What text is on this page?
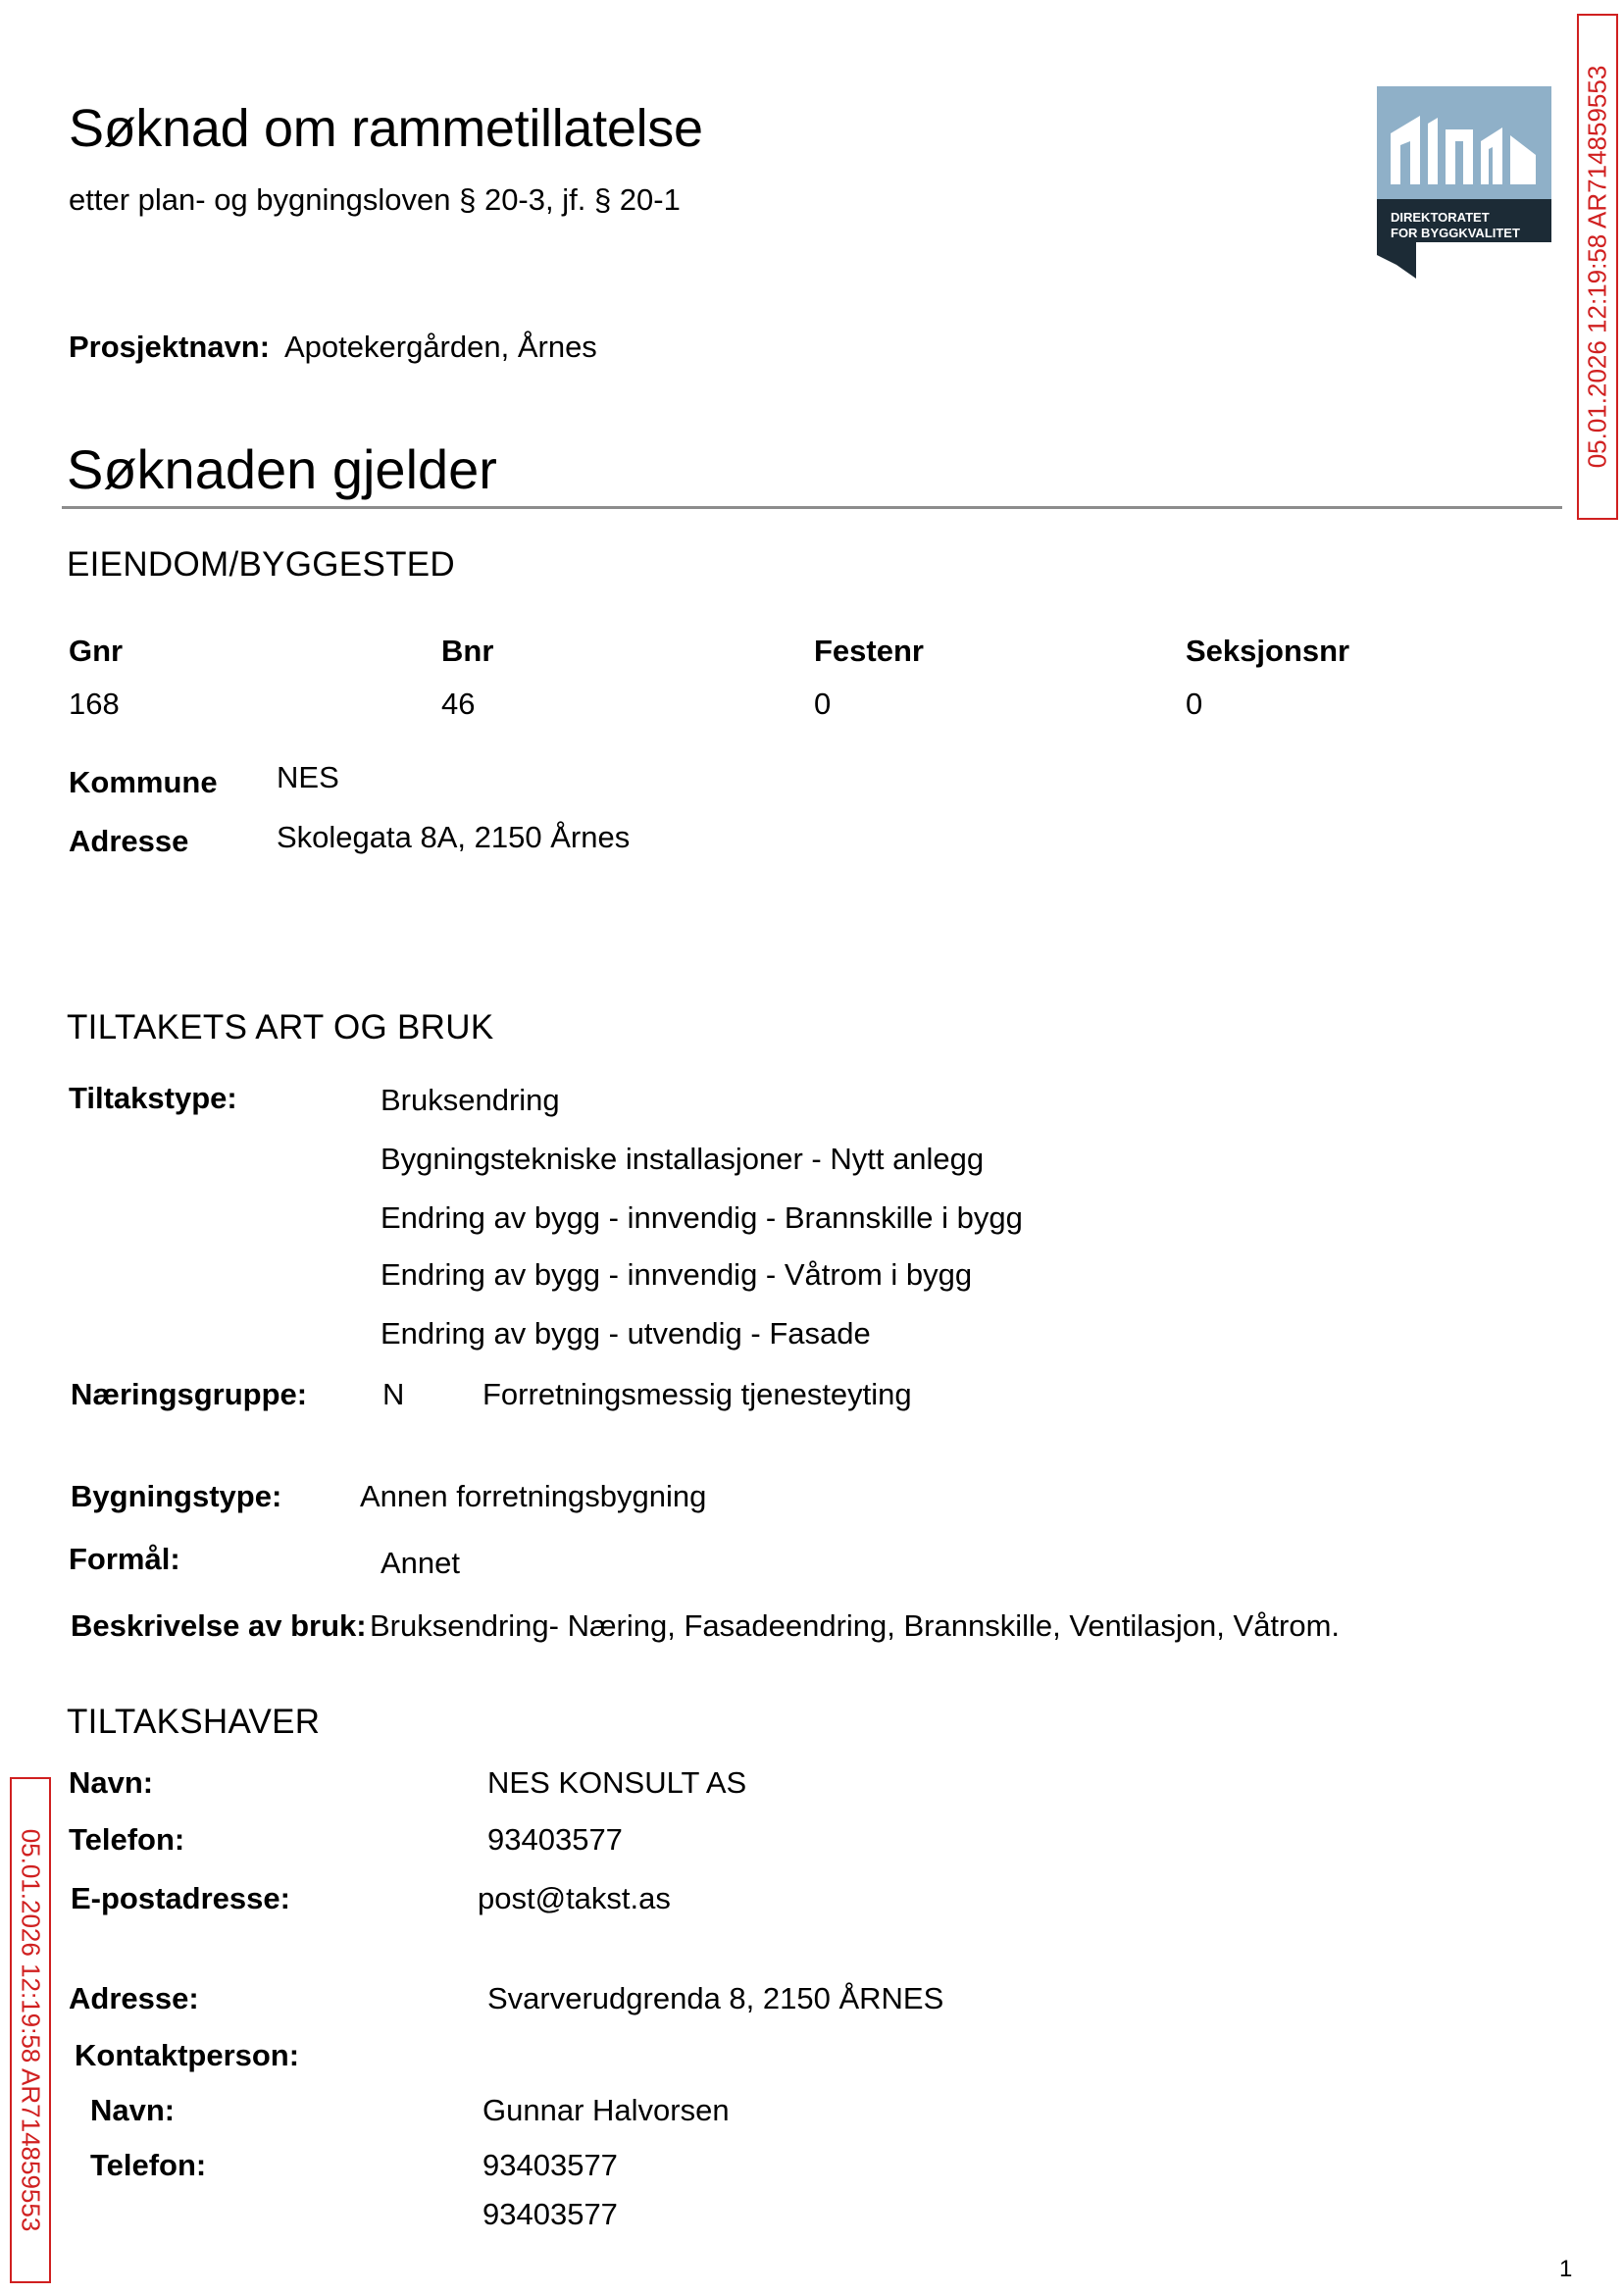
Søknad om rammetillatelse
etter plan- og bygningsloven § 20-3, jf. § 20-1
DIREKTORATET
FOR BYGGKVALITET 05.01.2026 12:19:58 AR714859553
05.01.2026 12:19:58 AR714859553
Prosjektnavn: Apotekergården, Årnes
Søknaden gjelder
EIENDOM/BYGGESTED
Gnr	Bnr	Festenr	Seksjonsnr
168	46	0	0
Kommune NES
Adresse	Skolegata 8A, 2150 Årnes
TILTAKETS ART OG BRUK
Tiltakstype:	Bruksendring
Bygningstekniske installasjoner - Nytt anlegg
Endring av bygg - innvendig - Brannskille i bygg
Endring av bygg - innvendig - Våtrom i bygg
Endring av bygg - utvendig - Fasade
Næringsgruppe: N	Forretningsmessig tjenesteyting
Bygningstype:	Annen forretningsbygning
Formål:	Annet
Beskrivelse av bruk: Bruksendring- Næring, Fasadeendring, Brannskille, Ventilasjon, Våtrom.
TILTAKSHAVER
Navn:	NES KONSULT AS
Telefon:	93403577
E-postadresse:	post@takst.as
Adresse:	Svarverudgrenda 8, 2150 ÅRNES
Kontaktperson:
Navn:	Gunnar Halvorsen
Telefon:	93403577
93403577
1
